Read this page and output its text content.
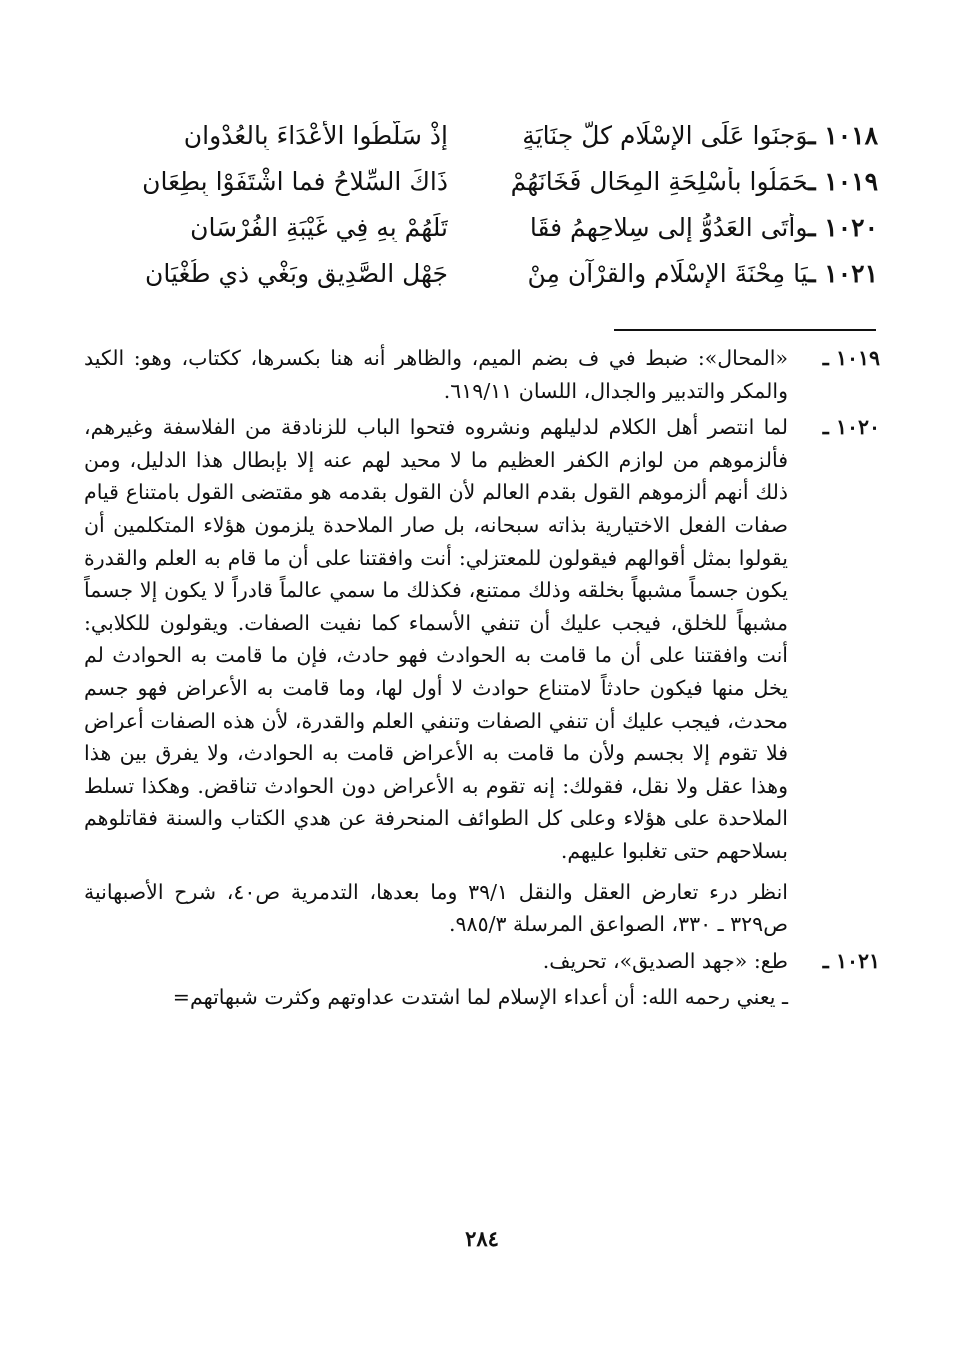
١٠١٨ ـوَجنَوا عَلَى الإسْلَامِ كلَّ جِنَايَةٍ
إذْ سَلَّطُوا الأَعْدَاءَ بِالعُدْوانِ
١٠١٩ ـحَمَلُوا بأسْلِحَةِ المِحَالِ فَخَانَهُمْ
ذَاكَ السِّلاحُ فما اشْتَفَوْا بِطِعَانِ
١٠٢٠ ـوأتَى العَدُوُّ إلى سِلاحِهِمُ فقَا
تَلَهُمْ بِهِ فِي غَيْبَةِ الفُرْسَانِ
١٠٢١ ـيَا مِحْنَةَ الإسْلَامِ والقرْآنِ مِنْ
جَهْلِ الصَّدِيقِ وبَغْيِ ذي طُغْيَانِ
١٠١٩ ـ

«المحال»: ضبط في ف بضم الميم، والظاهر أنه هنا بكسرها، ككتاب، وهو: الكيد والمكر والتدبير والجدال، اللسان ٦١٩/١١.

١٠٢٠ ـ

لما انتصر أهل الكلام لدليلهم ونشروه فتحوا الباب للزنادقة من الفلاسفة وغيرهم، فألزموهم من لوازم الكفر العظيم ما لا محيد لهم عنه إلا بإبطال هذا الدليل، ومن ذلك أنهم ألزموهم القول بقدم العالم لأن القول بقدمه هو مقتضى القول بامتناع قيام صفات الفعل الاختيارية بذاته سبحانه، بل صار الملاحدة يلزمون هؤلاء المتكلمين أن يقولوا بمثل أقوالهم فيقولون للمعتزلي: أنت وافقتنا على أن ما قام به العلم والقدرة يكون جسماً مشبهاً بخلقه وذلك ممتنع، فكذلك ما سمي عالماً قادراً لا يكون إلا جسماً مشبهاً للخلق، فيجب عليك أن تنفي الأسماء كما نفيت الصفات. ويقولون للكلابي: أنت وافقتنا على أن ما قامت به الحوادث فهو حادث، فإن ما قامت به الحوادث لم يخل منها فيكون حادثاً لامتناع حوادث لا أول لها، وما قامت به الأعراض فهو جسم محدث، فيجب عليك أن تنفي الصفات وتنفي العلم والقدرة، لأن هذه الصفات أعراض فلا تقوم إلا بجسم ولأن ما قامت به الأعراض قامت به الحوادث، ولا يفرق بين هذا وهذا عقل ولا نقل، فقولك: إنه تقوم به الأعراض دون الحوادث تناقض. وهكذا تسلط الملاحدة على هؤلاء وعلى كل الطوائف المنحرفة عن هدي الكتاب والسنة فقاتلوهم بسلاحهم حتى تغلبوا عليهم.

انظر درء تعارض العقل والنقل ٣٩/١ وما بعدها، التدمرية ص٤٠، شرح الأصبهانية ص٣٢٩ ـ ٣٣٠، الصواعق المرسلة ٩٨٥/٣.

١٠٢١ ـ

طع: «جهد الصديق»، تحريف.

ـ يعني رحمه الله: أن أعداء الإسلام لما اشتدت عداوتهم وكثرت شبهاتهم=
٢٨٤
